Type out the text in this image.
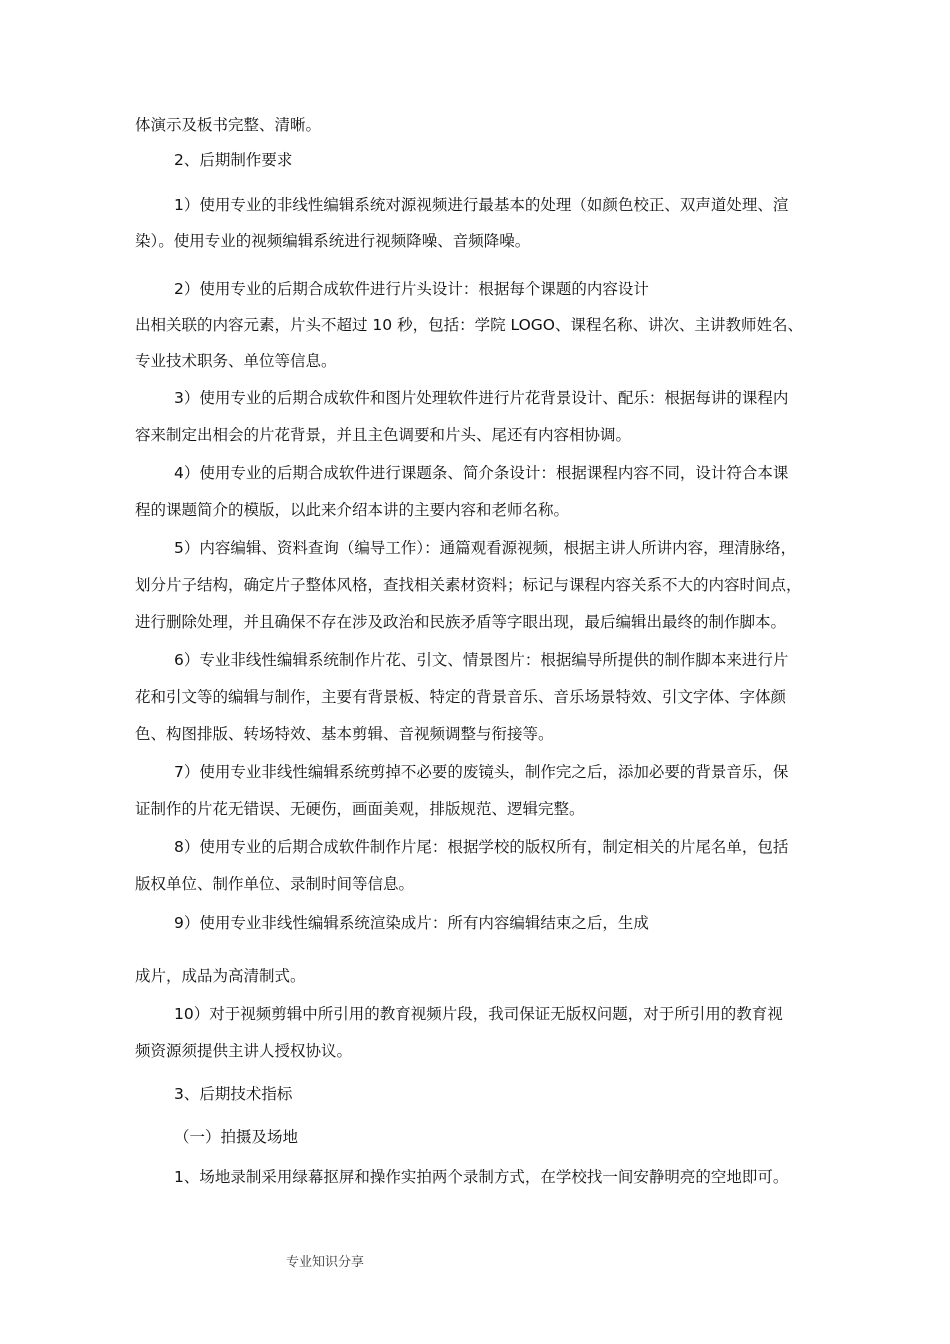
体演示及板书完整、清晰。
2、后期制作要求
1）使用专业的非线性编辑系统对源视频进行最基本的处理（如颜色校正、双声道处理、渲
染）。使用专业的视频编辑系统进行视频降噪、音频降噪。
2）使用专业的后期合成软件进行片头设计：根据每个课题的内容设计
出相关联的内容元素，片头不超过 10 秒，包括：学院 LOGO、课程名称、讲次、主讲教师姓名、
专业技术职务、单位等信息。
3）使用专业的后期合成软件和图片处理软件进行片花背景设计、配乐：根据每讲的课程内
容来制定出相会的片花背景，并且主色调要和片头、尾还有内容相协调。
4）使用专业的后期合成软件进行课题条、简介条设计：根据课程内容不同，设计符合本课
程的课题简介的模版，以此来介绍本讲的主要内容和老师名称。
5）内容编辑、资料查询（编导工作）：通篇观看源视频，根据主讲人所讲内容，理清脉络，
划分片子结构，确定片子整体风格，查找相关素材资料；标记与课程内容关系不大的内容时间点，
进行删除处理，并且确保不存在涉及政治和民族矛盾等字眼出现，最后编辑出最终的制作脚本。
6）专业非线性编辑系统制作片花、引文、情景图片：根据编导所提供的制作脚本来进行片
花和引文等的编辑与制作，主要有背景板、特定的背景音乐、音乐场景特效、引文字体、字体颜
色、构图排版、转场特效、基本剪辑、音视频调整与衔接等。
7）使用专业非线性编辑系统剪掉不必要的废镜头，制作完之后，添加必要的背景音乐，保
证制作的片花无错误、无硬伤，画面美观，排版规范、逻辑完整。
8）使用专业的后期合成软件制作片尾：根据学校的版权所有，制定相关的片尾名单，包括
版权单位、制作单位、录制时间等信息。
9）使用专业非线性编辑系统渲染成片：所有内容编辑结束之后，生成
成片，成品为高清制式。
10）对于视频剪辑中所引用的教育视频片段，我司保证无版权问题，对于所引用的教育视
频资源须提供主讲人授权协议。
3、后期技术指标
（一）拍摄及场地
1、场地录制采用绿幕抠屏和操作实拍两个录制方式，在学校找一间安静明亮的空地即可。
专业知识分享
